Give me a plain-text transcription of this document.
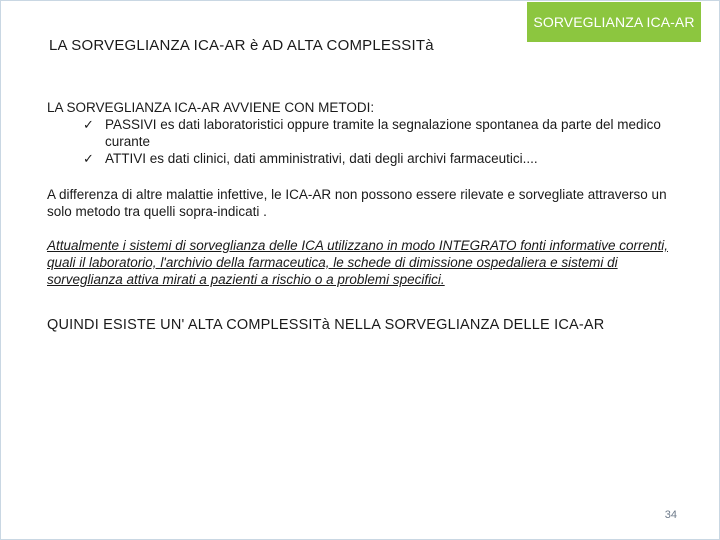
SORVEGLIANZA ICA-AR
LA SORVEGLIANZA ICA-AR è AD ALTA COMPLESSITà

LA SORVEGLIANZA ICA-AR AVVIENE CON METODI:

✓ PASSIVI es dati laboratoristici oppure tramite la segnalazione spontanea da parte del medico curante
✓ ATTIVI es dati clinici, dati amministrativi, dati degli archivi farmaceutici....

A differenza di altre malattie infettive, le ICA-AR non possono essere rilevate e sorvegliate attraverso un solo metodo tra quelli sopra-indicati .

Attualmente i sistemi di sorveglianza delle ICA utilizzano in modo INTEGRATO fonti informative correnti, quali il laboratorio, l'archivio della farmaceutica, le schede di dimissione ospedaliera e sistemi di sorveglianza attiva mirati a pazienti a rischio o a problemi specifici.

QUINDI ESISTE UN' ALTA COMPLESSITà NELLA SORVEGLIANZA DELLE ICA-AR

34
